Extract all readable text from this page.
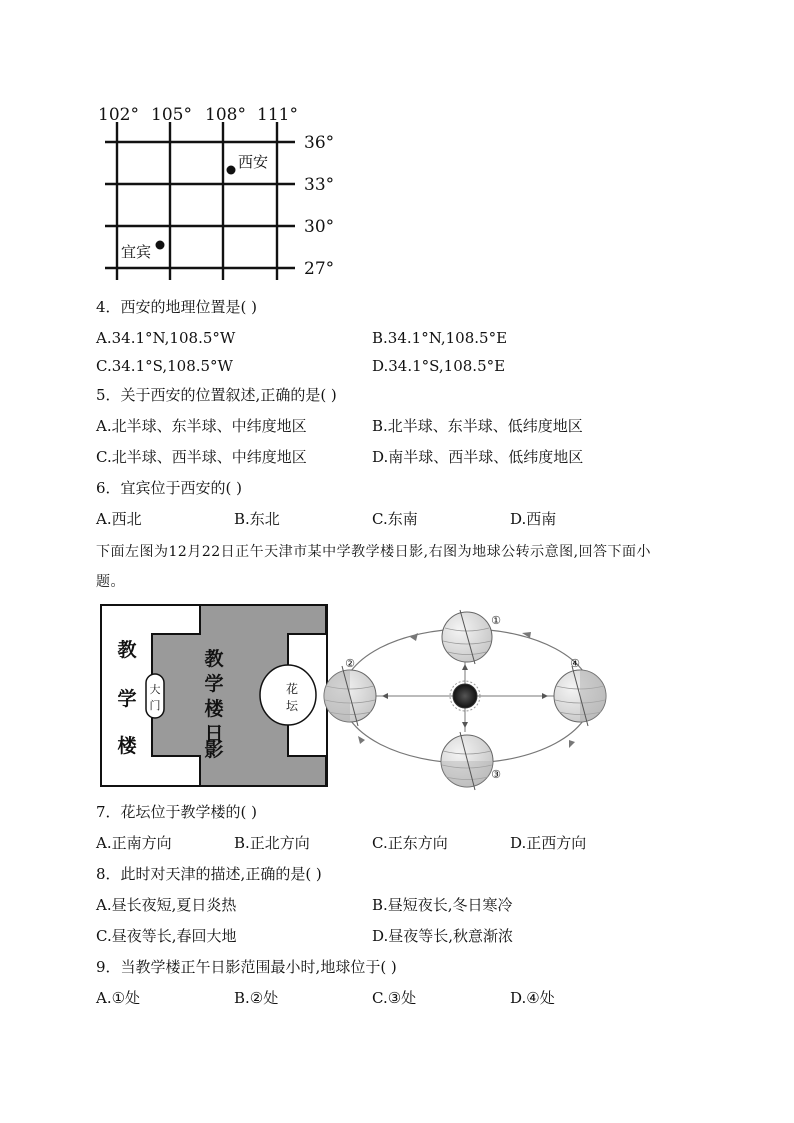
102° 105° 108° 111°
36°
33°
30°
27°
西安
宜宾
4．西安的地理位置是( )
A.34.1°N,108.5°W	B.34.1°N,108.5°E
C.34.1°S,108.5°W	D.34.1°S,108.5°E
5．关于西安的位置叙述,正确的是( )
A.北半球、东半球、中纬度地区	B.北半球、东半球、低纬度地区
C.北半球、西半球、中纬度地区	D.南半球、西半球、低纬度地区
6．宜宾位于西安的( )
A.西北	B.东北	C.东南	D.西南
下面左图为12月22日正午天津市某中学教学楼日影,右图为地球公转示意图,回答下面小
题。
教
学
楼
大
门
教
学
楼
日
影
花
坛
①
②
③
④
7．花坛位于教学楼的( )
A.正南方向	B.正北方向	C.正东方向	D.正西方向
8．此时对天津的描述,正确的是( )
A.昼长夜短,夏日炎热	B.昼短夜长,冬日寒冷
C.昼夜等长,春回大地	D.昼夜等长,秋意渐浓
9．当教学楼正午日影范围最小时,地球位于( )
A.①处	B.②处	C.③处	D.④处
